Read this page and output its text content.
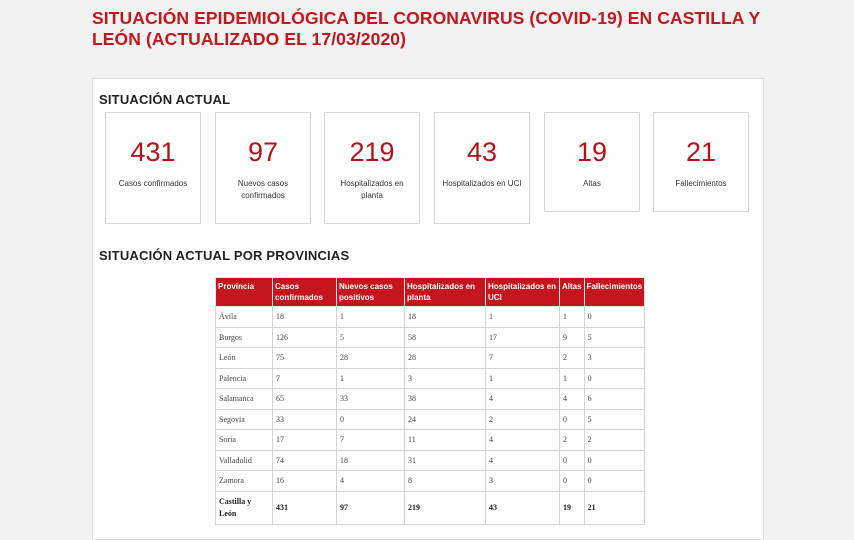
SITUACIÓN EPIDEMIOLÓGICA DEL CORONAVIRUS (COVID-19) EN CASTILLA Y LEÓN (ACTUALIZADO EL 17/03/2020)
SITUACIÓN ACTUAL
431
Casos confirmados
97
Nuevos casos confirmados
219
Hospitalizados en planta
43
Hospitalizados en UCI
19
Altas
21
Fallecimientos
SITUACIÓN ACTUAL POR PROVINCIAS
Provincia	Casos confirmados	Nuevos casos positivos	Hospitalizados en planta	Hospitalizados en UCI	Altas	Fallecimientos
Ávila	18	1	18	1	1	0
Burgos	126	5	58	17	9	5
León	75	28	28	7	2	3
Palencia	7	1	3	1	1	0
Salamanca	65	33	38	4	4	6
Segovia	33	0	24	2	0	5
Soria	17	7	11	4	2	2
Valladolid	74	18	31	4	0	0
Zamora	16	4	8	3	0	0
Castilla y León	431	97	219	43	19	21
